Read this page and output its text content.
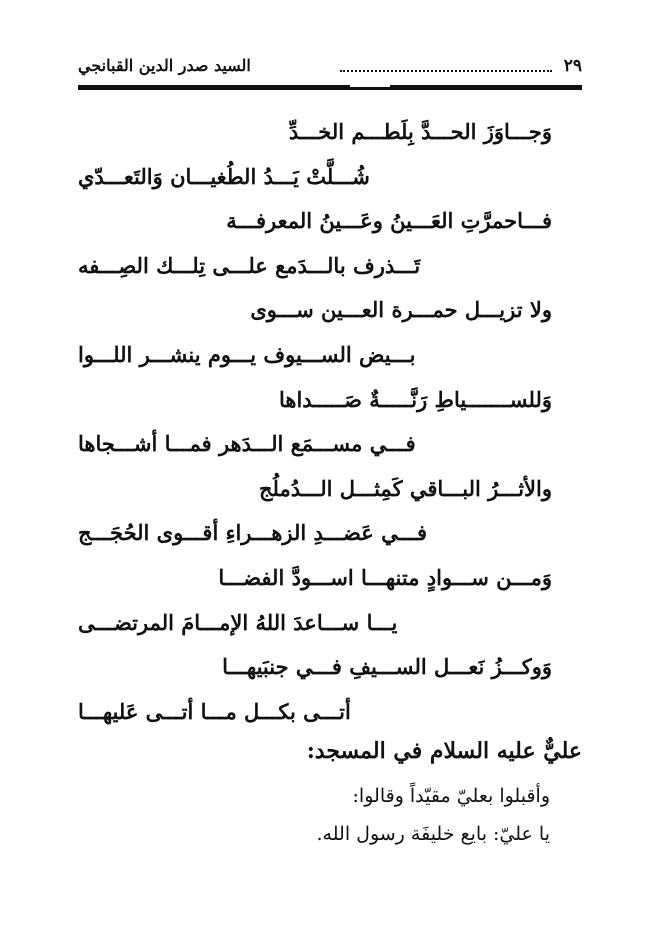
٢٩
السيد صدر الدين القبانجي
وَجـــاوَزَ الحـــدَّ بِلَطـــم الخـــدِّ
شُـــلَّتْ يَـــدُ الطُغيـــان وَالتَعـــدّي
فـــاحمرَّتِ العَـــينُ وعَـــينُ المعرفـــة
تَـــذرف بالـــدَمع علـــى تِلـــك الصِـــفه
ولا تزيـــل حمـــرة العـــين ســـوى
بـــيض الســـيوف يـــوم ينشـــر اللـــوا
وَللســـــــياطِ رَنَّـــــةٌ صَـــــداها
فـــي مســـمَع الـــدَهر فمـــا أشـــجاها
والأثـــرُ البـــاقي كَمِثـــل الـــدُملُج
فـــي عَضـــدِ الزهـــراءِ أقـــوى الحُجَـــج
وَمـــن ســـوادٍ متنهـــا اســـودَّ الفضـــا
يـــا ســـاعدَ اللهُ الإمـــامَ المرتضـــى
وَوكـــزُ نَعـــل الســـيفِ فـــي جنبَيهـــا
أتـــى بكـــل مـــا أتـــى عَليهـــا
عليٌّ عليه السلام في المسجد:
وأقبلوا بعليّ مقيّداً وقالوا:
يا عليّ: بايع خليفَة رسول الله.
